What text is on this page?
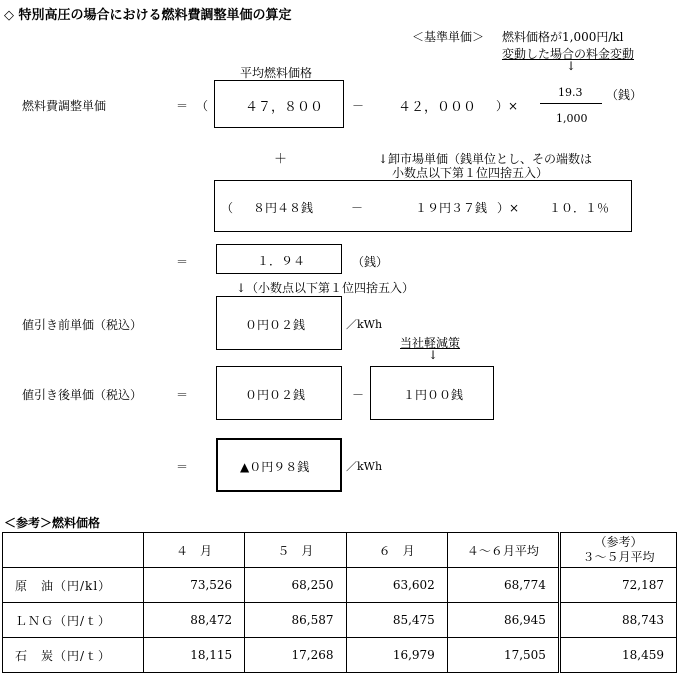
◇ 特別高圧の場合における燃料費調整単価の算定
＜基準単価＞ 燃料価格が1,000円/kl
変動した場合の料金変動
↓
平均燃料価格
燃料費調整単価	＝ （	４７，８００ －	４２，０００ ）×
19.3
1,000
（銭）
＋	↓卸市場単価（銭単位とし、その端数は
小数点以下第１位四捨五入）
（ ８円４８銭	－	１９円３７銭 ）× １０．１％
＝	１．９４	（銭）
↓（小数点以下第１位四捨五入）
値引き前単価（税込）	０円０２銭	／kWh
当社軽減策
↓
値引き後単価（税込）	＝	０円０２銭	－	１円００銭
＝	▲０円９８銭	／kWh
＜参考＞燃料価格
	４　月	５　月	６　月	４～６月平均	（参考）
３～５月平均
原　油（円/kl）	73,526	68,250	63,602	68,774	72,187
ＬＮＧ（円/ｔ）	88,472	86,587	85,475	86,945	88,743
石　炭（円/ｔ）	18,115	17,268	16,979	17,505	18,459
